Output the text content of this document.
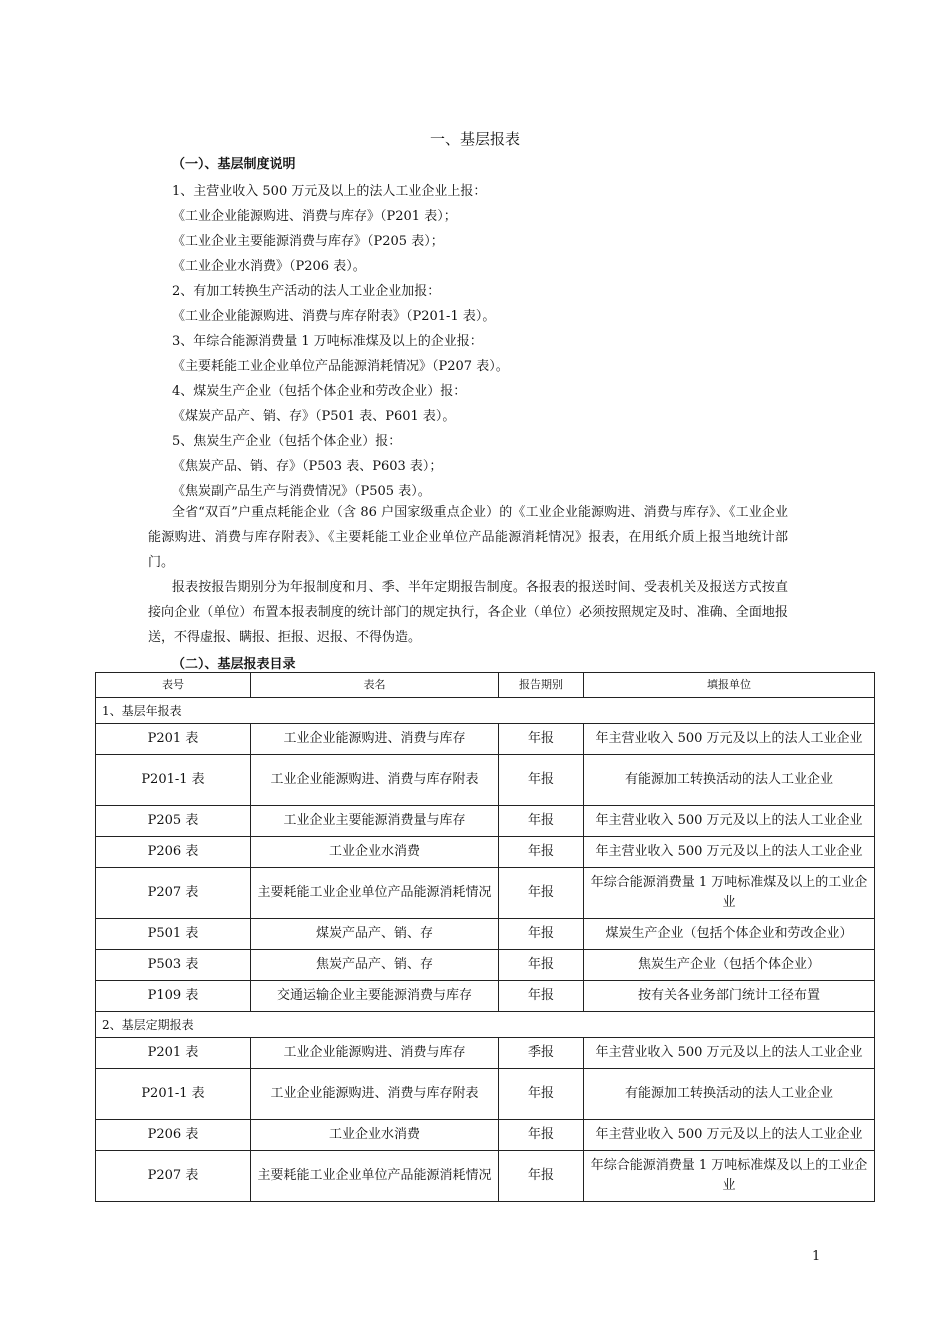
一、基层报表
（一）、基层制度说明
1、主营业收入 500 万元及以上的法人工业企业上报：
《工业企业能源购进、消费与库存》（P201 表）；
《工业企业主要能源消费与库存》（P205 表）；
《工业企业水消费》（P206 表）。
2、有加工转换生产活动的法人工业企业加报：
《工业企业能源购进、消费与库存附表》（P201-1 表）。
3、年综合能源消费量 1 万吨标准煤及以上的企业报：
《主要耗能工业企业单位产品能源消耗情况》（P207 表）。
4、煤炭生产企业（包括个体企业和劳改企业）报：
《煤炭产品产、销、存》（P501 表、P601 表）。
5、焦炭生产企业（包括个体企业）报：
《焦炭产品、销、存》（P503 表、P603 表）；
《焦炭副产品生产与消费情况》（P505 表）。
全省“双百”户重点耗能企业（含 86 户国家级重点企业）的《工业企业能源购进、消费与库存》、《工业企业能源购进、消费与库存附表》、《主要耗能工业企业单位产品能源消耗情况》报表，在用纸介质上报当地统计部门。
报表按报告期别分为年报制度和月、季、半年定期报告制度。各报表的报送时间、受表机关及报送方式按直接向企业（单位）布置本报表制度的统计部门的规定执行，各企业（单位）必须按照规定及时、准确、全面地报送，不得虚报、瞒报、拒报、迟报、不得伪造。
（二）、基层报表目录
表号	表名	报告期别	填报单位
1、基层年报表			
P201 表	工业企业能源购进、消费与库存	年报	年主营业收入 500 万元及以上的法人工业企业
P201-1 表	工业企业能源购进、消费与库存附表	年报	有能源加工转换活动的法人工业企业
P205 表	工业企业主要能源消费量与库存	年报	年主营业收入 500 万元及以上的法人工业企业
P206 表	工业企业水消费	年报	年主营业收入 500 万元及以上的法人工业企业
P207 表	主要耗能工业企业单位产品能源消耗情况	年报	年综合能源消费量 1 万吨标准煤及以上的工业企业
P501 表	煤炭产品产、销、存	年报	煤炭生产企业（包括个体企业和劳改企业）
P503 表	焦炭产品产、销、存	年报	焦炭生产企业（包括个体企业）
P109 表	交通运输企业主要能源消费与库存	年报	按有关各业务部门统计工径布置
2、基层定期报表			
P201 表	工业企业能源购进、消费与库存	季报	年主营业收入 500 万元及以上的法人工业企业
P201-1 表	工业企业能源购进、消费与库存附表	年报	有能源加工转换活动的法人工业企业
P206 表	工业企业水消费	年报	年主营业收入 500 万元及以上的法人工业企业
P207 表	主要耗能工业企业单位产品能源消耗情况	年报	年综合能源消费量 1 万吨标准煤及以上的工业企业
1
